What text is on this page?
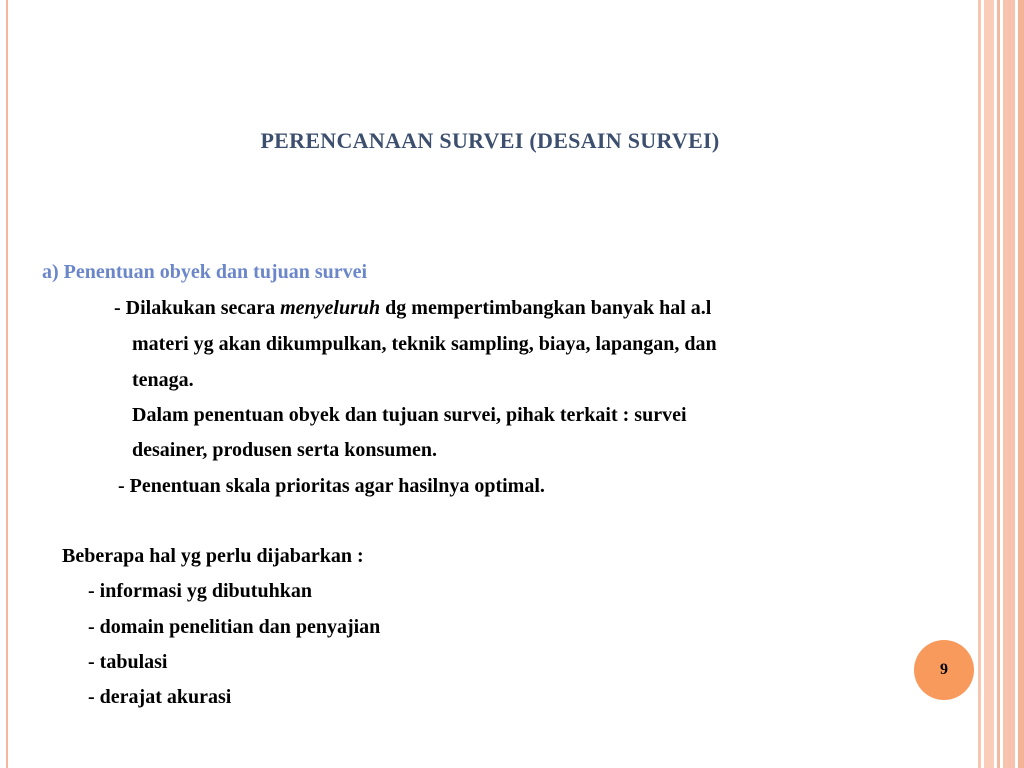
PERENCANAAN SURVEI (DESAIN SURVEI)
a) Penentuan obyek dan tujuan survei
- Dilakukan secara menyeluruh dg mempertimbangkan banyak hal a.l
materi yg akan dikumpulkan, teknik sampling, biaya, lapangan, dan
tenaga.
Dalam penentuan obyek dan tujuan survei, pihak terkait : survei
desainer, produsen serta konsumen.
- Penentuan skala prioritas agar hasilnya optimal.
Beberapa hal yg perlu dijabarkan :
- informasi yg dibutuhkan
- domain penelitian dan penyajian
- tabulasi
- derajat akurasi
9
